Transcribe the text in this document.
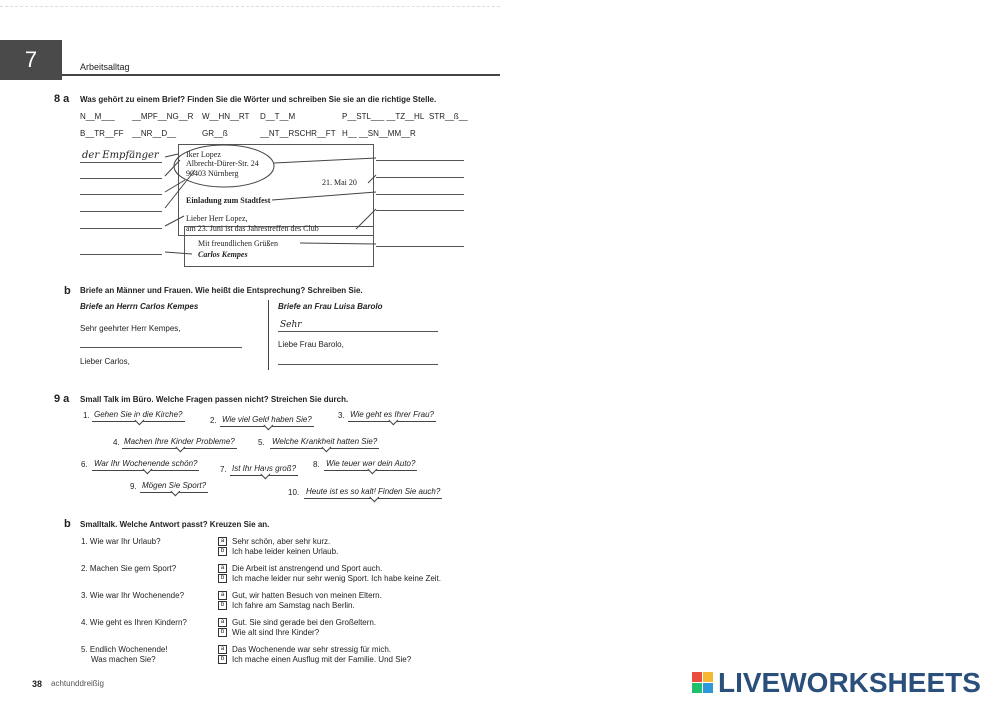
7	Arbeitsalltag
8 a Was gehört zu einem Brief? Finden Sie die Wörter und schreiben Sie sie an die richtige Stelle.
N__M___ __MPF__NG__R W__HN__RT D__T__M	P__STL___ __TZ__HL STR__ß__
B__TR__FF __NR__D__	GR__ß	__NT__RSCHR__FT H__ __SN__MM__R
der Empfänger	Iker Lopez
Albrecht-Dürer-Str. 24
90403 Nürnberg
21. Mai 20
Einladung zum Stadtfest
Lieber Herr Lopez,
am 23. Juni ist das Jahrestreffen des Club
Mit freundlichen Grüßen
Carlos Kempes
b Briefe an Männer und Frauen. Wie heißt die Entsprechung? Schreiben Sie.
Briefe an Herrn Carlos Kempes	Briefe an Frau Luisa Barolo
Sehr geehrter Herr Kempes,
Lieber Carlos,
Sehr
Liebe Frau Barolo,
9 a Small Talk im Büro. Welche Fragen passen nicht? Streichen Sie durch.
1. Gehen Sie in die Kirche?
2. Wie viel Geld haben Sie?	3. Wie geht es Ihrer Frau?
4. Machen Ihre Kinder Probleme?	5. Welche Krankheit hatten Sie?
6. War Ihr Wochenende schön?
7. Ist Ihr Haus groß? 8. Wie teuer war dein Auto?
9. Mögen Sie Sport?
10. Heute ist es so kalt! Finden Sie auch?
b Smalltalk. Welche Antwort passt? Kreuzen Sie an.
1. Wie war Ihr Urlaub?	a Sehr schön, aber sehr kurz.
b Ich habe leider keinen Urlaub.
2. Machen Sie gern Sport?	a Die Arbeit ist anstrengend und Sport auch.
b Ich mache leider nur sehr wenig Sport. Ich habe keine Zeit.
3. Wie war Ihr Wochenende?	a Gut, wir hatten Besuch von meinen Eltern.
b Ich fahre am Samstag nach Berlin.
4. Wie geht es Ihren Kindern?	a Gut. Sie sind gerade bei den Großeltern.
b Wie alt sind Ihre Kinder?
5. Endlich Wochenende!
Was machen Sie?
a Das Wochenende war sehr stressig für mich.
b Ich mache einen Ausflug mit der Familie. Und Sie?
38 achtunddreißig	LIVEWORKSHEETS
